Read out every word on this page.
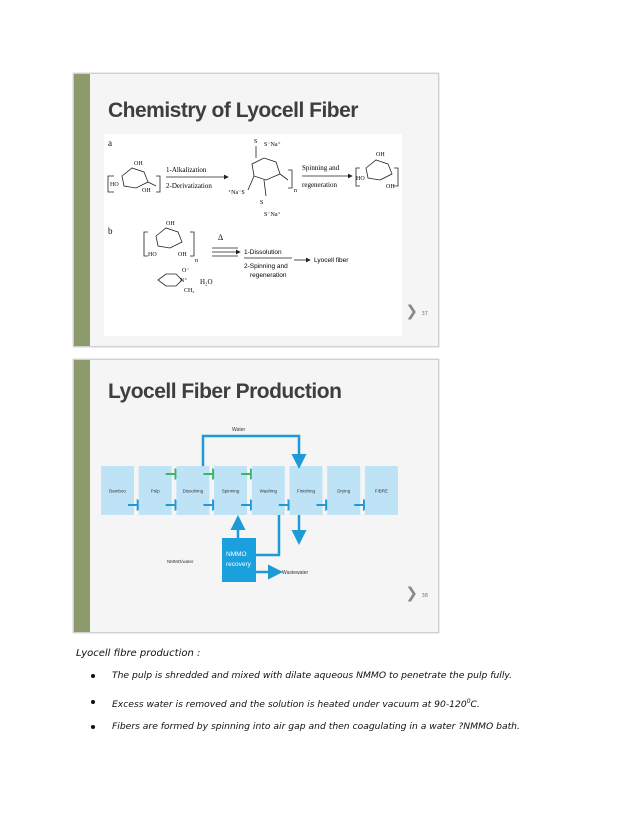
Chemistry of Lyocell Fiber
a
OH
HO
OH
1-Alkalization
2-Derivatization
S S⁻Na⁺
⁺Na⁻S
S
S⁻Na⁺
n
Spinning and
regeneration
OH
HO
OH
b
OH
HO	OH
n
O⁻
N⁺
CH₃
H₂O
Δ
1-Dissolution
Lyocell fiber
2-Spinning and
regeneration
❯ 37
Lyocell Fiber Production
Bamboo	Pulp	Dissolving	Spinning	Washing	Finishing	Drying	FIBRE
Water
NMMO
recovery
NMMO/water
Wastewater
❯ 38
Lyocell fibre production :
The pulp is shredded and mixed with dilate aqueous NMMO to penetrate the pulp fully.
Excess water is removed and the solution is heated under vacuum at $90-120^0C$.
Fibers are formed by spinning into air gap and then coagulating in a water ?NMMO bath.
